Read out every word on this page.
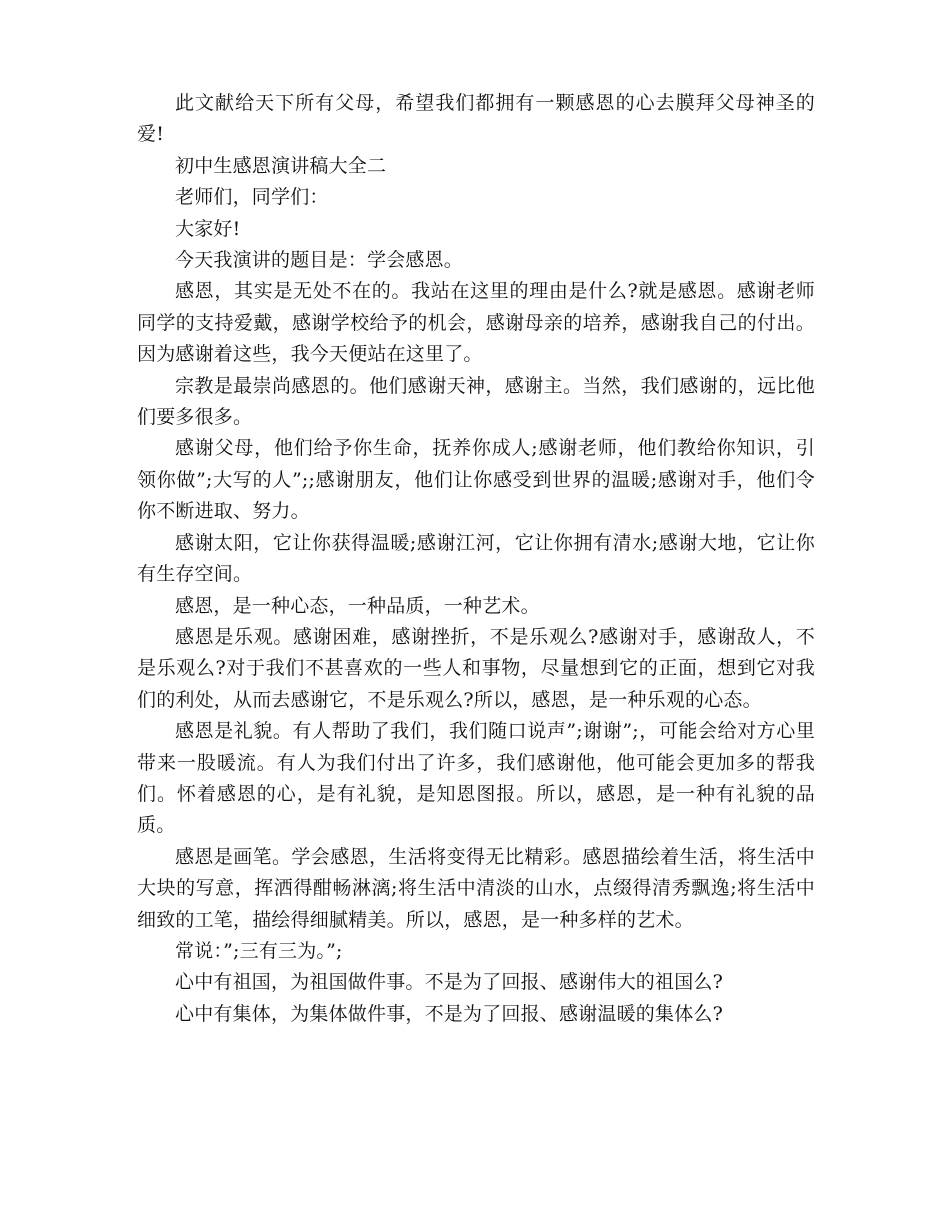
此文献给天下所有父母，希望我们都拥有一颗感恩的心去膜拜父母神圣的爱!

初中生感恩演讲稿大全二

老师们，同学们：

大家好!

今天我演讲的题目是：学会感恩。

感恩，其实是无处不在的。我站在这里的理由是什么?就是感恩。感谢老师同学的支持爱戴，感谢学校给予的机会，感谢母亲的培养，感谢我自己的付出。因为感谢着这些，我今天便站在这里了。

宗教是最崇尚感恩的。他们感谢天神，感谢主。当然，我们感谢的，远比他们要多很多。

感谢父母，他们给予你生命，抚养你成人;感谢老师，他们教给你知识，引领你做”;大写的人”;;感谢朋友，他们让你感受到世界的温暖;感谢对手，他们令你不断进取、努力。

感谢太阳，它让你获得温暖;感谢江河，它让你拥有清水;感谢大地，它让你有生存空间。

感恩，是一种心态，一种品质，一种艺术。

感恩是乐观。感谢困难，感谢挫折，不是乐观么?感谢对手，感谢敌人，不是乐观么?对于我们不甚喜欢的一些人和事物，尽量想到它的正面，想到它对我们的利处，从而去感谢它，不是乐观么?所以，感恩，是一种乐观的心态。

感恩是礼貌。有人帮助了我们，我们随口说声”;谢谢”;，可能会给对方心里带来一股暖流。有人为我们付出了许多，我们感谢他，他可能会更加多的帮我们。怀着感恩的心，是有礼貌，是知恩图报。所以，感恩，是一种有礼貌的品质。

感恩是画笔。学会感恩，生活将变得无比精彩。感恩描绘着生活，将生活中大块的写意，挥洒得酣畅淋漓;将生活中清淡的山水，点缀得清秀飘逸;将生活中细致的工笔，描绘得细腻精美。所以，感恩，是一种多样的艺术。

常说：”;三有三为。”;

心中有祖国，为祖国做件事。不是为了回报、感谢伟大的祖国么?

心中有集体，为集体做件事，不是为了回报、感谢温暖的集体么?
